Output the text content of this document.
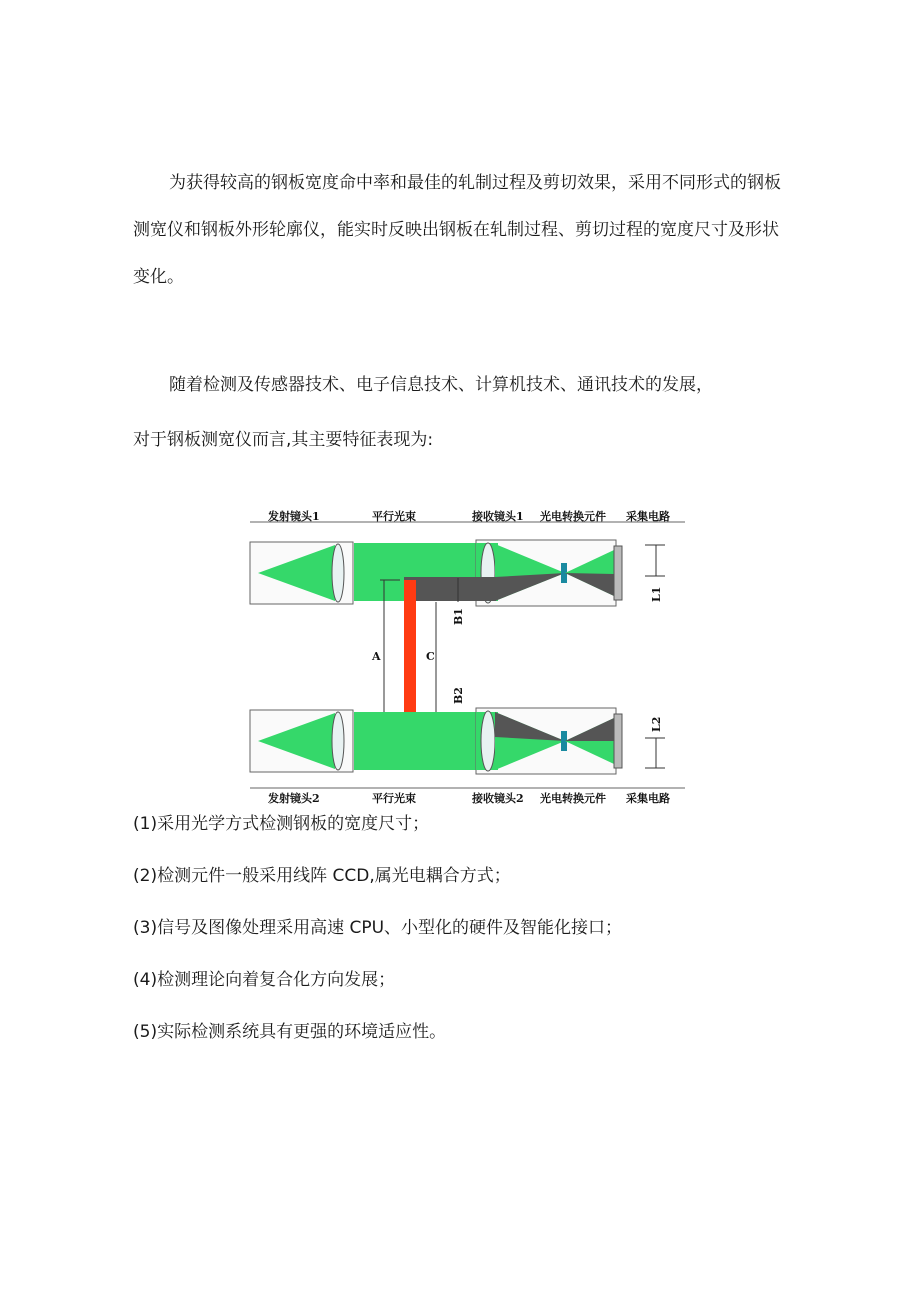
为获得较高的钢板宽度命中率和最佳的轧制过程及剪切效果，采用不同形式的钢板测宽仪和钢板外形轮廓仪，能实时反映出钢板在轧制过程、剪切过程的宽度尺寸及形状变化。
随着检测及传感器技术、电子信息技术、计算机技术、通讯技术的发展，
对于钢板测宽仪而言,其主要特征表现为:
发射镜头1	平行光束	接收镜头1 光电转换元件 采集电路
A	C
B1
B2
L1
L2
发射镜头2	平行光束	接收镜头2 光电转换元件 采集电路
(1)采用光学方式检测钢板的宽度尺寸；
(2)检测元件一般采用线阵 CCD,属光电耦合方式；
(3)信号及图像处理采用高速 CPU、小型化的硬件及智能化接口；
(4)检测理论向着复合化方向发展；
(5)实际检测系统具有更强的环境适应性。
